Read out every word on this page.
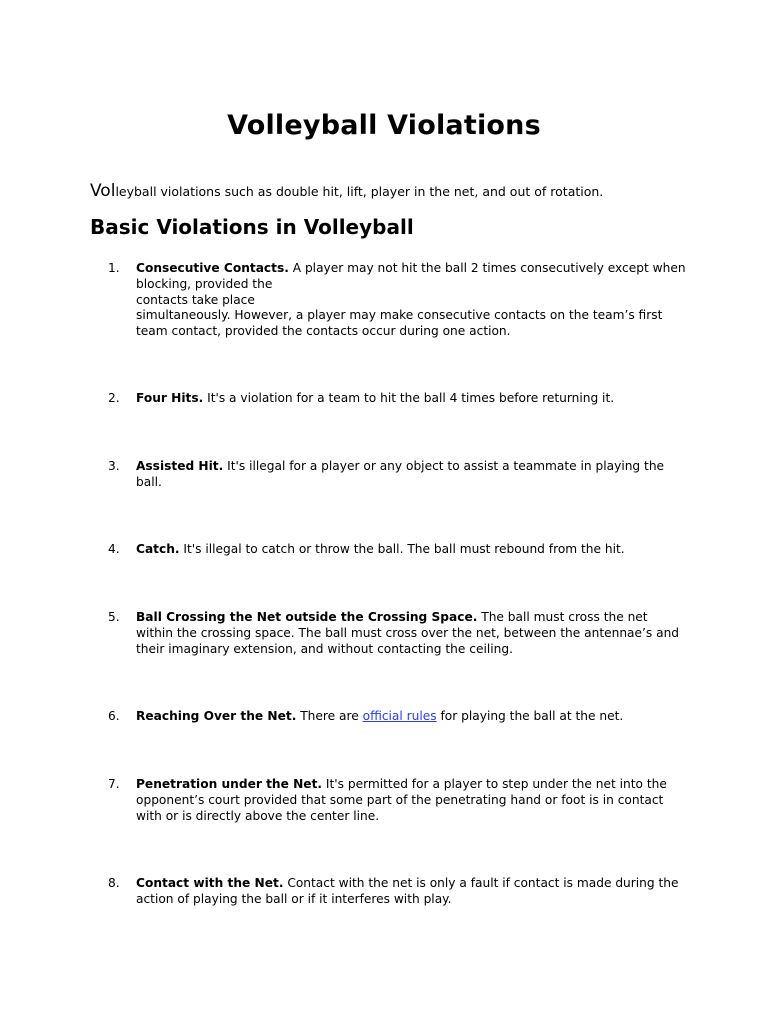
Volleyball Violations
Volleyball violations such as double hit, lift, player in the net, and out of rotation.
Basic Violations in Volleyball
1.	Consecutive Contacts. A player may not hit the ball 2 times consecutively except when blocking, provided the
contacts take place
simultaneously. However, a player may make consecutive contacts on the team’s first team contact, provided the contacts occur during one action.
2.	Four Hits. It's a violation for a team to hit the ball 4 times before returning it.
3.	Assisted Hit. It's illegal for a player or any object to assist a teammate in playing the ball.
4.	Catch. It's illegal to catch or throw the ball. The ball must rebound from the hit.
5.	Ball Crossing the Net outside the Crossing Space. The ball must cross the net within the crossing space. The ball must cross over the net, between the antennae’s and their imaginary extension, and without contacting the ceiling.
6.	Reaching Over the Net. There are official rules for playing the ball at the net.
7.	Penetration under the Net. It's permitted for a player to step under the net into the opponent’s court provided that some part of the penetrating hand or foot is in contact with or is directly above the center line.
8.	Contact with the Net. Contact with the net is only a fault if contact is made during the action of playing the ball or if it interferes with play.
